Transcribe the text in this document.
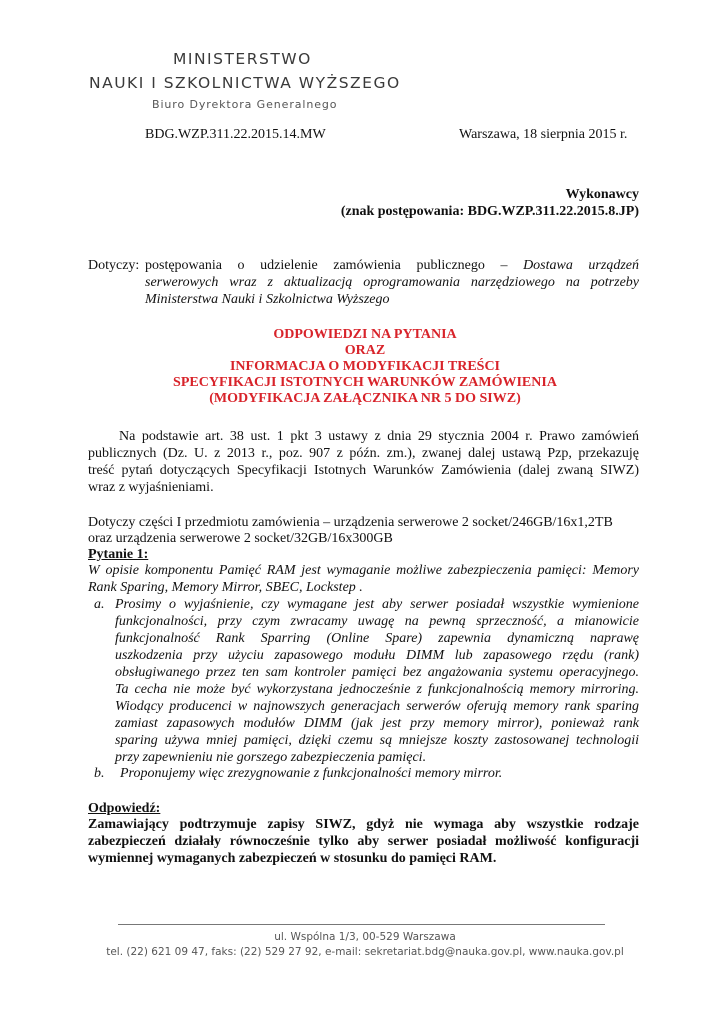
MINISTERSTWO
NAUKI I SZKOLNICTWA WYŻSZEGO
Biuro Dyrektora Generalnego
BDG.WZP.311.22.2015.14.MW	Warszawa, 18 sierpnia 2015 r.
Wykonawcy
(znak postępowania: BDG.WZP.311.22.2015.8.JP)
Dotyczy: postępowania o udzielenie zamówienia publicznego – Dostawa urządzeń
serwerowych wraz z aktualizacją oprogramowania narzędziowego na potrzeby
Ministerstwa Nauki i Szkolnictwa Wyższego
ODPOWIEDZI NA PYTANIA
ORAZ
INFORMACJA O MODYFIKACJI TREŚCI
SPECYFIKACJI ISTOTNYCH WARUNKÓW ZAMÓWIENIA
(MODYFIKACJA ZAŁĄCZNIKA NR 5 DO SIWZ)
Na podstawie art. 38 ust. 1 pkt 3 ustawy z dnia 29 stycznia 2004 r. Prawo zamówień
publicznych (Dz. U. z 2013 r., poz. 907 z późn. zm.), zwanej dalej ustawą Pzp, przekazuję
treść pytań dotyczących Specyfikacji Istotnych Warunków Zamówienia (dalej zwaną SIWZ)
wraz z wyjaśnieniami.
Dotyczy części I przedmiotu zamówienia – urządzenia serwerowe 2 socket/246GB/16x1,2TB
oraz urządzenia serwerowe 2 socket/32GB/16x300GB
Pytanie 1:
W opisie komponentu Pamięć RAM jest wymaganie możliwe zabezpieczenia pamięci: Memory
Rank Sparing, Memory Mirror, SBEC, Lockstep .
a. Prosimy o wyjaśnienie, czy wymagane jest aby serwer posiadał wszystkie wymienione
funkcjonalności, przy czym zwracamy uwagę na pewną sprzeczność, a mianowicie
funkcjonalność Rank Sparring (Online Spare) zapewnia dynamiczną naprawę
uszkodzenia przy użyciu zapasowego modułu DIMM lub zapasowego rzędu (rank)
obsługiwanego przez ten sam kontroler pamięci bez angażowania systemu operacyjnego.
Ta cecha nie może być wykorzystana jednocześnie z funkcjonalnością memory mirroring.
Wiodący producenci w najnowszych generacjach serwerów oferują memory rank sparing
zamiast zapasowych modułów DIMM (jak jest przy memory mirror), ponieważ rank
sparing używa mniej pamięci, dzięki czemu są mniejsze koszty zastosowanej technologii
przy zapewnieniu nie gorszego zabezpieczenia pamięci.
b. Proponujemy więc zrezygnowanie z funkcjonalności memory mirror.
Odpowiedź:
Zamawiający podtrzymuje zapisy SIWZ, gdyż nie wymaga aby wszystkie rodzaje
zabezpieczeń działały równocześnie tylko aby serwer posiadał możliwość konfiguracji
wymiennej wymaganych zabezpieczeń w stosunku do pamięci RAM.
ul. Wspólna 1/3, 00-529 Warszawa
tel. (22) 621 09 47, faks: (22) 529 27 92, e-mail: sekretariat.bdg@nauka.gov.pl, www.nauka.gov.pl
